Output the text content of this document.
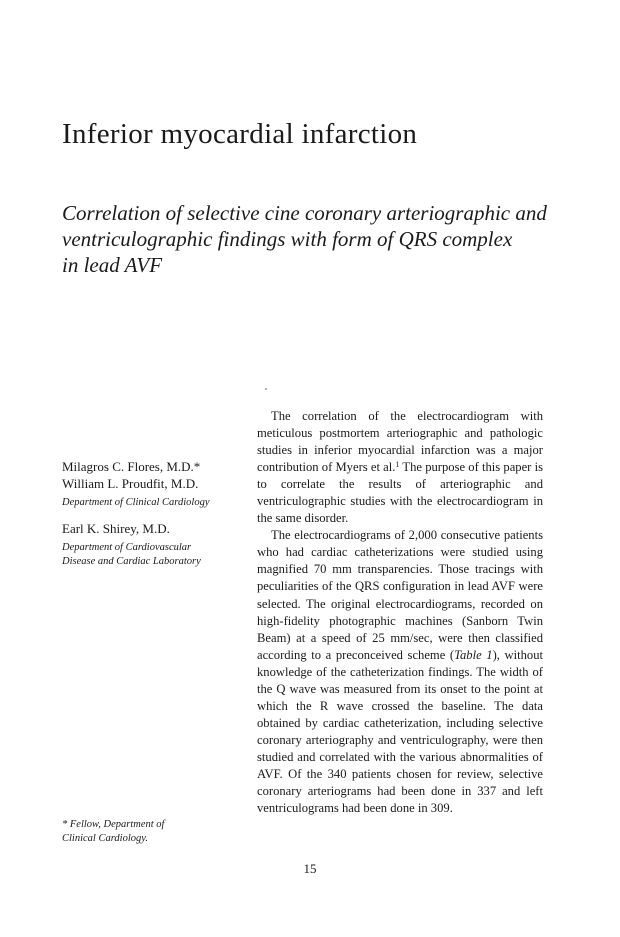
Inferior myocardial infarction
Correlation of selective cine coronary arteriographic and
ventriculographic findings with form of QRS complex
in lead AVF
Milagros C. Flores, M.D.*
William L. Proudfit, M.D.
Department of Clinical Cardiology
Earl K. Shirey, M.D.
Department of Cardiovascular
Disease and Cardiac Laboratory

The correlation of the electrocardiogram with meticulous postmortem arteriographic and pathologic studies in inferior myocardial infarction was a major contribution of Myers et al.$^1$ The purpose of this paper is to correlate the results of arteriographic and ventriculographic studies with the electrocardiogram in the same disorder.

The electrocardiograms of 2,000 consecutive patients who had cardiac catheterizations were studied using magnified 70 mm transparencies. Those tracings with peculiarities of the QRS configuration in lead AVF were selected. The original electrocardiograms, recorded on high-fidelity photographic machines (Sanborn Twin Beam) at a speed of 25 mm/sec, were then classified according to a preconceived scheme (Table 1), without knowledge of the catheterization findings. The width of the Q wave was measured from its onset to the point at which the R wave crossed the baseline. The data obtained by cardiac catheterization, including selective coronary arteriography and ventriculography, were then studied and correlated with the various abnormalities of AVF. Of the 340 patients chosen for review, selective coronary arteriograms had been done in 337 and left ventriculograms had been done in 309.

* Fellow, Department of
Clinical Cardiology.
15
